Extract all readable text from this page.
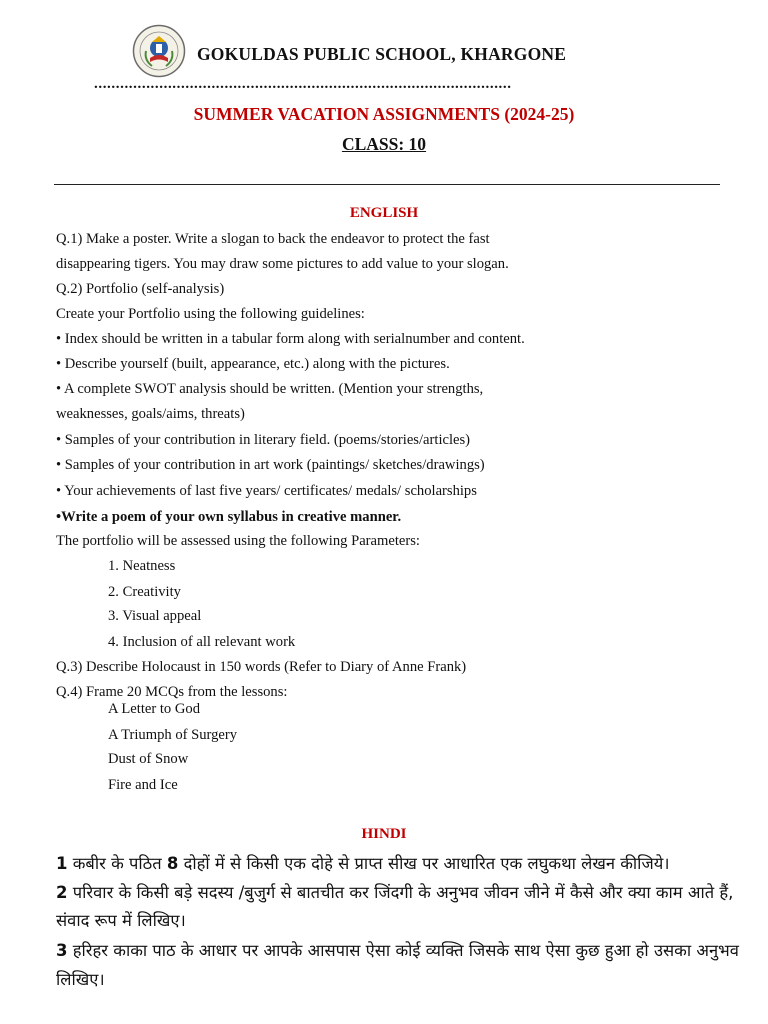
GOKULDAS PUBLIC SCHOOL, KHARGONE
................................................................................................
SUMMER VACATION ASSIGNMENTS (2024-25)
CLASS: 10
ENGLISH
Q.1) Make a poster. Write a slogan to back the endeavor to protect the fast
disappearing tigers. You may draw some pictures to add value to your slogan.
Q.2) Portfolio (self-analysis)
Create your Portfolio using the following guidelines:
• Index should be written in a tabular form along with serialnumber and content.
• Describe yourself (built, appearance, etc.) along with the pictures.
• A complete SWOT analysis should be written. (Mention your strengths,
weaknesses, goals/aims, threats)
• Samples of your contribution in literary field. (poems/stories/articles)
• Samples of your contribution in art work (paintings/ sketches/drawings)
• Your achievements of last five years/ certificates/ medals/ scholarships
•Write a poem of your own syllabus in creative manner.
The portfolio will be assessed using the following Parameters:
1. Neatness
2. Creativity
3. Visual appeal
4. Inclusion of all relevant work
Q.3) Describe Holocaust in 150 words (Refer to Diary of Anne Frank)
Q.4) Frame 20 MCQs from the lessons:
A Letter to God
A Triumph of Surgery
Dust of Snow
Fire and Ice
HINDI
1 कबीर के पठित 8 दोहों में से किसी एक दोहे से प्राप्त सीख पर आधारित एक लघुकथा लेखन कीजिये।
2 परिवार के किसी बड़े सदस्य /बुजुर्ग से बातचीत कर जिंदगी के अनुभव जीवन जीने में कैसे और क्या काम आते हैं,
संवाद रूप में लिखिए।
3 हरिहर काका पाठ के आधार पर आपके आसपास ऐसा कोई व्यक्ति जिसके साथ ऐसा कुछ हुआ हो उसका अनुभव
लिखिए।
